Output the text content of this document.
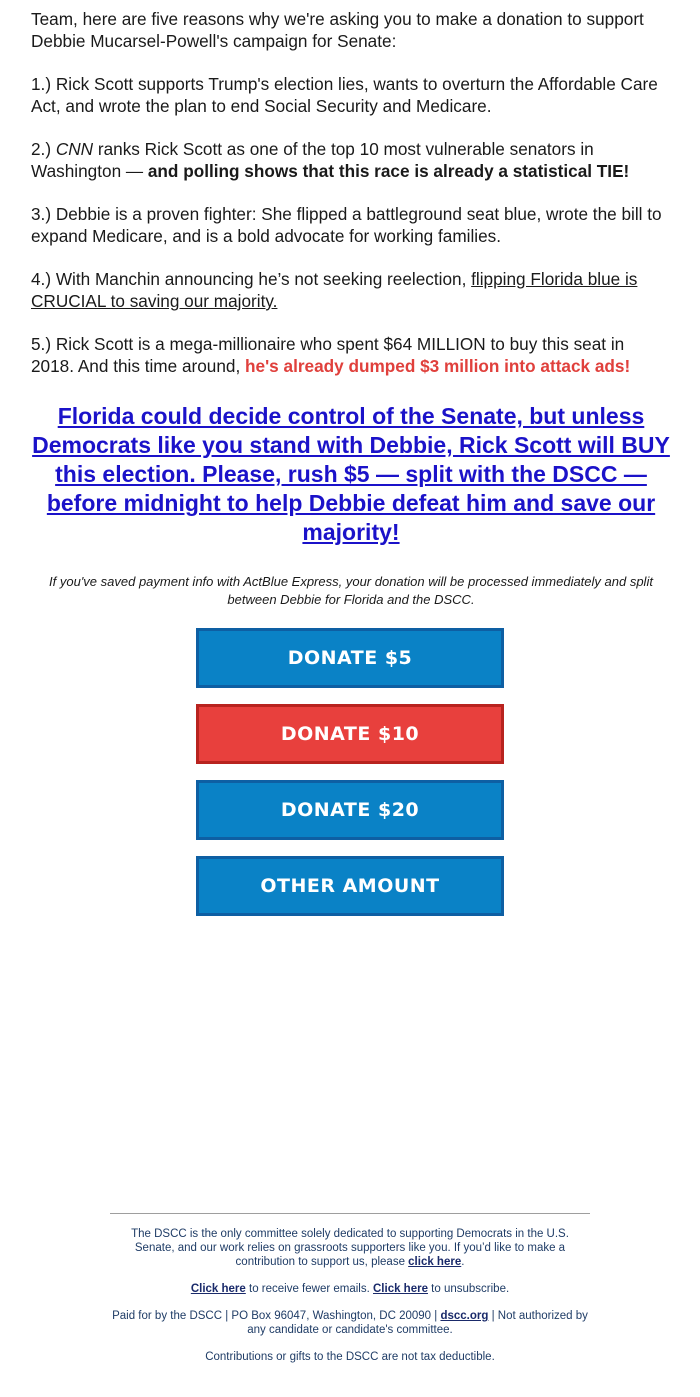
Team, here are five reasons why we're asking you to make a donation to support Debbie Mucarsel-Powell's campaign for Senate:

1.) Rick Scott supports Trump's election lies, wants to overturn the Affordable Care Act, and wrote the plan to end Social Security and Medicare.

2.) CNN ranks Rick Scott as one of the top 10 most vulnerable senators in Washington — and polling shows that this race is already a statistical TIE!

3.) Debbie is a proven fighter: She flipped a battleground seat blue, wrote the bill to expand Medicare, and is a bold advocate for working families.

4.) With Manchin announcing he’s not seeking reelection, flipping Florida blue is CRUCIAL to saving our majority.

5.) Rick Scott is a mega-millionaire who spent $64 MILLION to buy this seat in 2018. And this time around, he's already dumped $3 million into attack ads!

Florida could decide control of the Senate, but unless Democrats like you stand with Debbie, Rick Scott will BUY this election. Please, rush $5 — split with the DSCC — before midnight to help Debbie defeat him and save our majority!

If you've saved payment info with ActBlue Express, your donation will be processed immediately and split between Debbie for Florida and the DSCC.

DONATE $5
DONATE $10
DONATE $20
OTHER AMOUNT

The DSCC is the only committee solely dedicated to supporting Democrats in the U.S. Senate, and our work relies on grassroots supporters like you. If you’d like to make a contribution to support us, please click here.

Click here to receive fewer emails. Click here to unsubscribe.

Paid for by the DSCC | PO Box 96047, Washington, DC 20090 | dscc.org | Not authorized by any candidate or candidate's committee.

Contributions or gifts to the DSCC are not tax deductible.
